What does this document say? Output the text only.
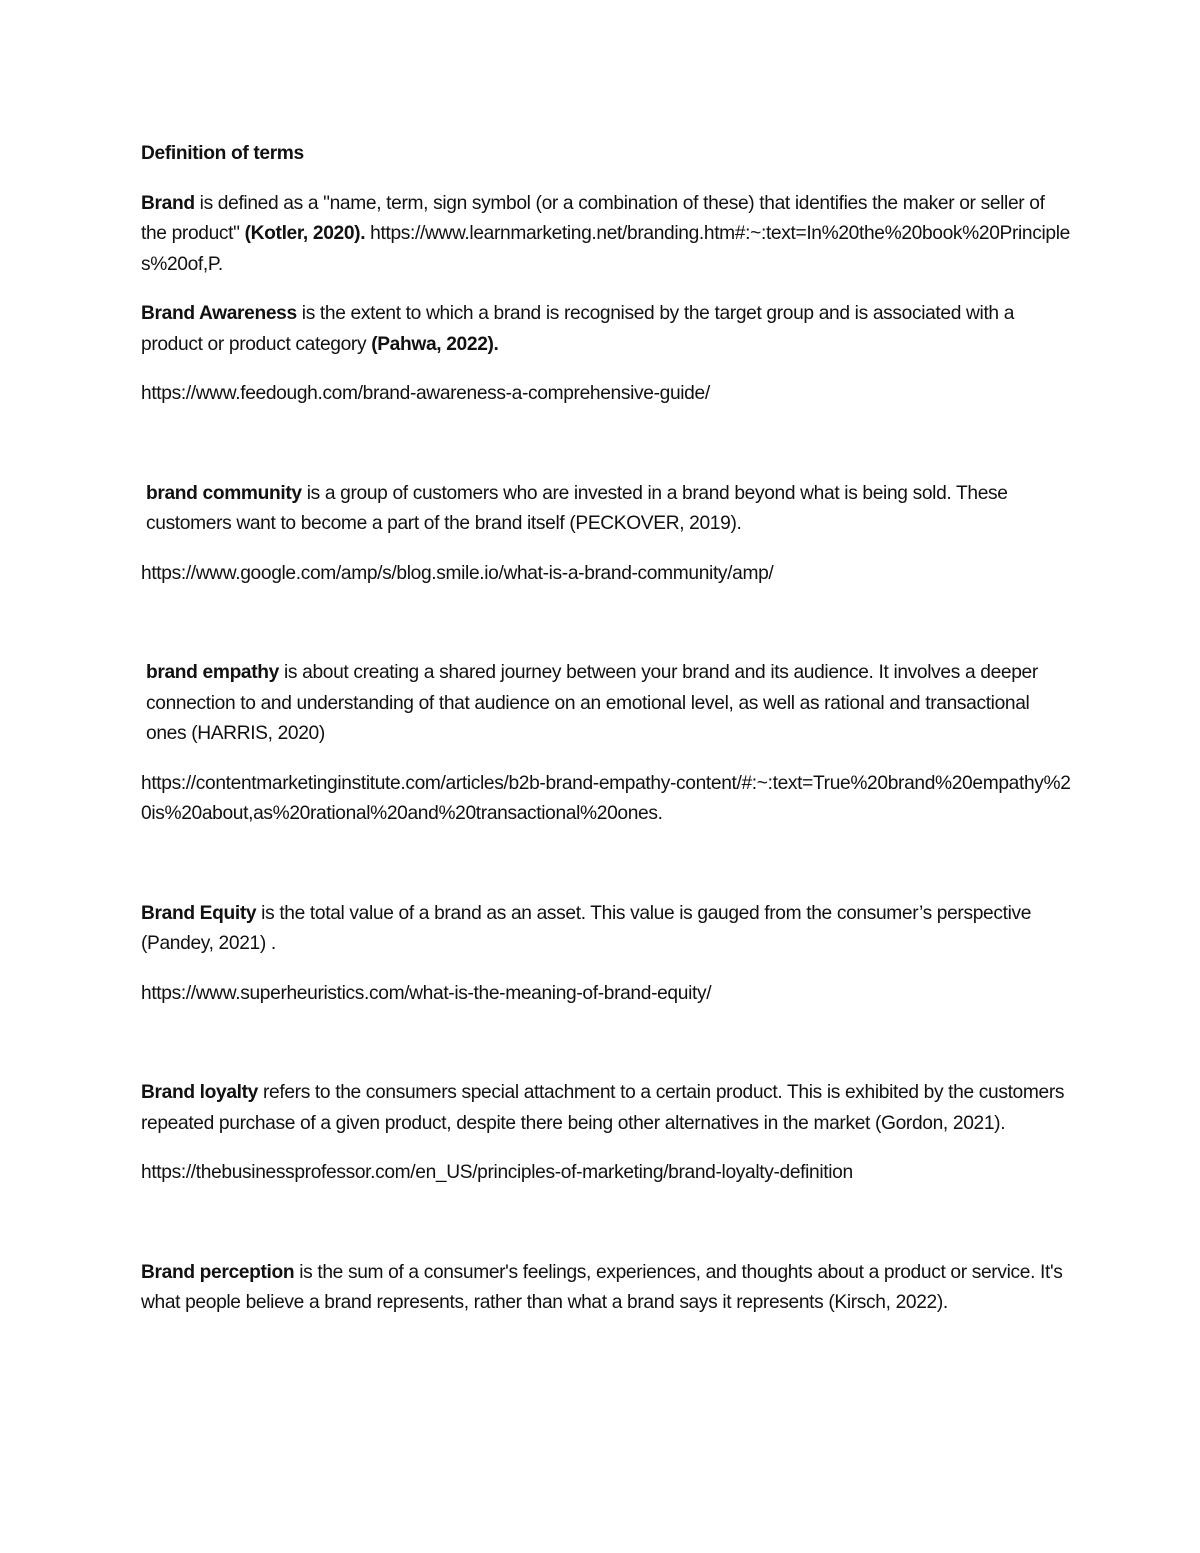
Definition of terms

Brand is defined as a "name, term, sign symbol (or a combination of these) that identifies the maker or seller of the product" (Kotler, 2020). https://www.learnmarketing.net/branding.htm#:~:text=In%20the%20book%20Principles%20of,P.

Brand Awareness is the extent to which a brand is recognised by the target group and is associated with a product or product category (Pahwa, 2022).

https://www.feedough.com/brand-awareness-a-comprehensive-guide/

brand community is a group of customers who are invested in a brand beyond what is being sold. These customers want to become a part of the brand itself (PECKOVER, 2019).

https://www.google.com/amp/s/blog.smile.io/what-is-a-brand-community/amp/

brand empathy is about creating a shared journey between your brand and its audience. It involves a deeper connection to and understanding of that audience on an emotional level, as well as rational and transactional ones (HARRIS, 2020)

https://contentmarketinginstitute.com/articles/b2b-brand-empathy-content/#:~:text=True%20brand%20empathy%20is%20about,as%20rational%20and%20transactional%20ones.

Brand Equity is the total value of a brand as an asset. This value is gauged from the consumer’s perspective (Pandey, 2021) .

https://www.superheuristics.com/what-is-the-meaning-of-brand-equity/

Brand loyalty refers to the consumers special attachment to a certain product. This is exhibited by the customers repeated purchase of a given product, despite there being other alternatives in the market (Gordon, 2021).

https://thebusinessprofessor.com/en_US/principles-of-marketing/brand-loyalty-definition

Brand perception is the sum of a consumer's feelings, experiences, and thoughts about a product or service. It's what people believe a brand represents, rather than what a brand says it represents (Kirsch, 2022).
